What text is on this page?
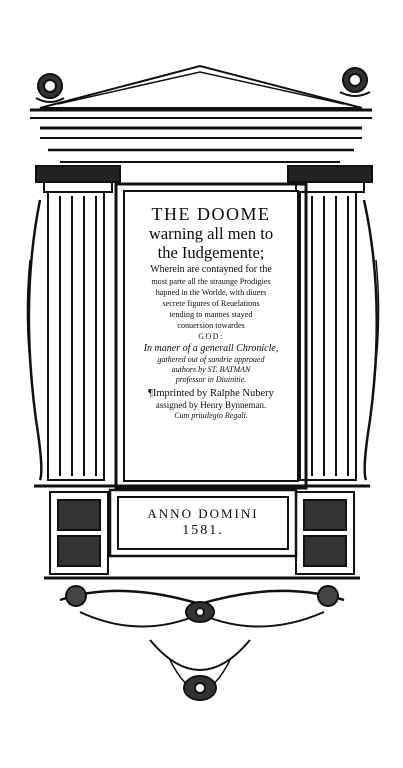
THE DOOME
warning all men to
the Iudgemente;
Wherein are contayned for the
most parte all the straunge Prodigies
hapned in the Worlde, with diuers
secrete figures of Reuelations
tending to mannes stayed
conuersion towardes
GOD:
In maner of a generall Chronicle,
gathered out of sundrie approued
authors by ST. BATMAN
professor in Diuinitie.
¶Imprinted by Ralphe Nubery
assigned by Henry Bynneman.
Cum priuilegio Regali.
ANNO DOMINI
1581.
